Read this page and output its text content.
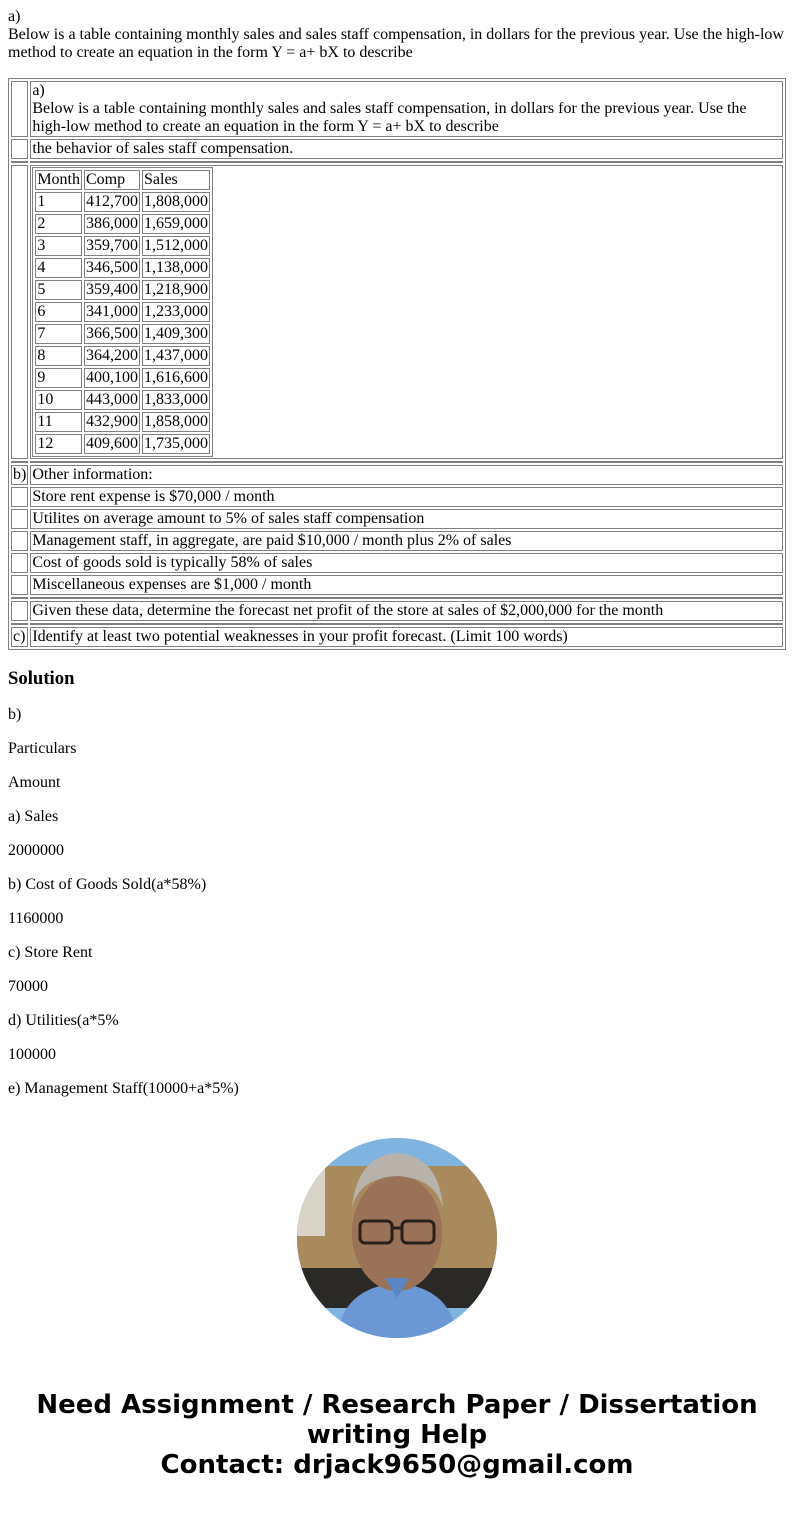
a)
Below is a table containing monthly sales and sales staff compensation, in dollars for the previous year. Use the high-low method to create an equation in the form Y = a+ bX to describe

a)
Below is a table containing monthly sales and sales staff compensation, in dollars for the previous year. Use the high-low method to create an equation in the form Y = a+ bX to describe

	the behavior of sales staff compensation.

Month	Comp	Sales
1	412,700	1,808,000
2	386,000	1,659,000
3	359,700	1,512,000
4	346,500	1,138,000
5	359,400	1,218,900
6	341,000	1,233,000
7	366,500	1,409,300
8	364,200	1,437,000
9	400,100	1,616,600
10	443,000	1,833,000
11	432,900	1,858,000
12	409,600	1,735,000

b)	Other information:
	Store rent expense is $70,000 / month
	Utilites on average amount to 5% of sales staff compensation
	Management staff, in aggregate, are paid $10,000 / month plus 2% of sales
	Cost of goods sold is typically 58% of sales
	Miscellaneous expenses are $1,000 / month

	Given these data, determine the forecast net profit of the store at sales of $2,000,000 for the month

c)	Identify at least two potential weaknesses in your profit forecast. (Limit 100 words)
Solution

b)

Particulars

Amount

a) Sales

2000000

b) Cost of Goods Sold(a*58%)

1160000

c) Store Rent

70000

d) Utilities(a*5%

100000

e) Management Staff(10000+a*5%)

Need Assignment / Research Paper / Dissertation writing Help
Contact: drjack9650@gmail.com
